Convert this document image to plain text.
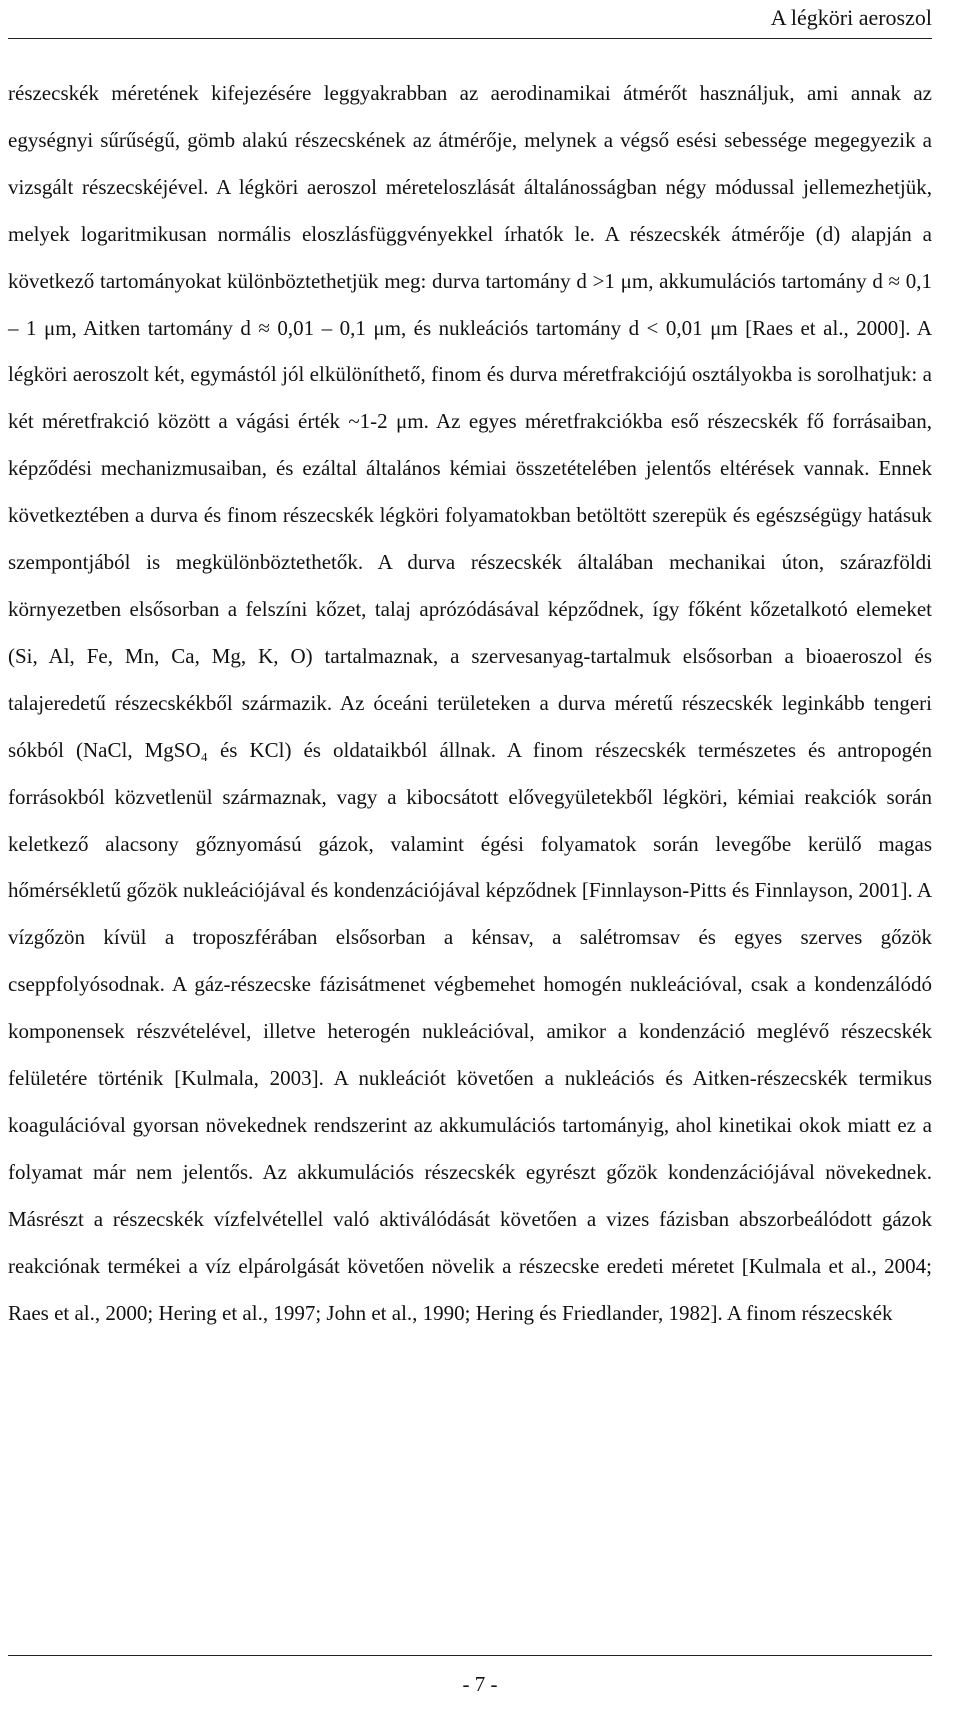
A légköri aeroszol

részecskék méretének kifejezésére leggyakrabban az aerodinamikai átmérőt használjuk, ami annak az egységnyi sűrűségű, gömb alakú részecskének az átmérője, melynek a végső esési sebessége megegyezik a vizsgált részecskéjével. A légköri aeroszol méreteloszlását általánosságban négy módussal jellemezhetjük, melyek logaritmikusan normális eloszlásfüggvényekkel írhatók le. A részecskék átmérője (d) alapján a következő tartományokat különböztethetjük meg: durva tartomány d >1 μm, akkumulációs tartomány d ≈ 0,1 – 1 μm, Aitken tartomány d ≈ 0,01 – 0,1 μm, és nukleációs tartomány d < 0,01 μm [Raes et al., 2000]. A légköri aeroszolt két, egymástól jól elkülöníthető, finom és durva méretfrakciójú osztályokba is sorolhatjuk: a két méretfrakció között a vágási érték ~1-2 μm. Az egyes méretfrakciókba eső részecskék fő forrásaiban, képződési mechanizmusaiban, és ezáltal általános kémiai összetételében jelentős eltérések vannak. Ennek következtében a durva és finom részecskék légköri folyamatokban betöltött szerepük és egészségügy hatásuk szempontjából is megkülönböztethetők. A durva részecskék általában mechanikai úton, szárazföldi környezetben elsősorban a felszíni kőzet, talaj aprózódásával képződnek, így főként kőzetalkotó elemeket (Si, Al, Fe, Mn, Ca, Mg, K, O) tartalmaznak, a szervesanyag-tartalmuk elsősorban a bioaeroszol és talajeredetű részecskékből származik. Az óceáni területeken a durva méretű részecskék leginkább tengeri sókból (NaCl, MgSO₄ és KCl) és oldataikból állnak. A finom részecskék természetes és antropogén forrásokból közvetlenül származnak, vagy a kibocsátott elővegyületekből légköri, kémiai reakciók során keletkező alacsony gőznyomású gázok, valamint égési folyamatok során levegőbe kerülő magas hőmérsékletű gőzök nukleációjával és kondenzációjával képződnek [Finnlayson-Pitts és Finnlayson, 2001]. A vízgőzön kívül a troposzférában elsősorban a kénsav, a salétromsav és egyes szerves gőzök cseppfolyósodnak. A gáz-részecske fázisátmenet végbemehet homogén nukleációval, csak a kondenzálódó komponensek részvételével, illetve heterogén nukleációval, amikor a kondenzáció meglévő részecskék felületére történik [Kulmala, 2003]. A nukleációt követően a nukleációs és Aitken-részecskék termikus koagulációval gyorsan növekednek rendszerint az akkumulációs tartományig, ahol kinetikai okok miatt ez a folyamat már nem jelentős. Az akkumulációs részecskék egyrészt gőzök kondenzációjával növekednek. Másrészt a részecskék vízfelvétellel való aktiválódását követően a vizes fázisban abszorbeálódott gázok reakciónak termékei a víz elpárolgását követően növelik a részecske eredeti méretet [Kulmala et al., 2004; Raes et al., 2000; Hering et al., 1997; John et al., 1990; Hering és Friedlander, 1982]. A finom részecskék

- 7 -
